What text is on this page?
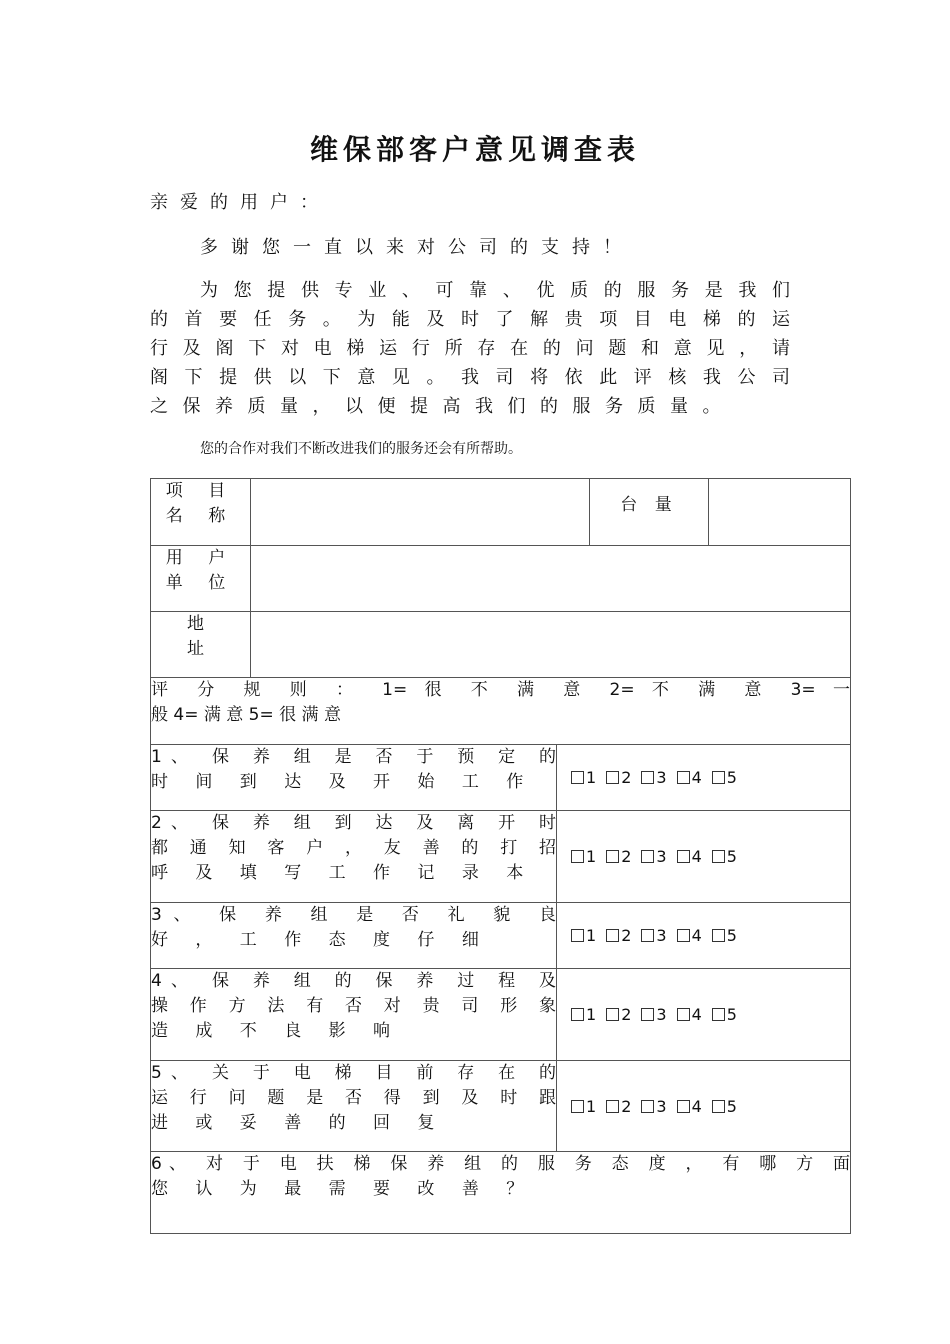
维保部客户意见调查表
亲爱的用户：
多谢您一直以来对公司的支持！
为您提供专业、可靠、优质的服务是我们
的首要任务。为能及时了解贵项目电梯的运
行及阁下对电梯运行所存在的问题和意见，请
阁下提供以下意见。我司将依此评核我公司
之保养质量，以便提高我们的服务质量。
您的合作对我们不断改进我们的服务还会有所帮助。
项 目
名 称			台 量	

用 户
单 位				

地
址				

评 分 规 则 ： 1= 很 不 满 意 2= 不 满 意 3= 一
般 4= 满 意 5= 很 满 意				

1、 保 养 组 是 否 于 预 定 的
时 间 到 达 及 开 始 工 作		1 2 3 4 5		

2、 保 养 组 到 达 及 离 开 时
都 通 知 客 户 ， 友 善 的 打 招
呼 及 填 写 工 作 记 录 本		1 2 3 4 5		

3、 保 养 组 是 否 礼 貌 良
好 ， 工 作 态 度 仔 细		1 2 3 4 5		

4、 保 养 组 的 保 养 过 程 及
操 作 方 法 有 否 对 贵 司 形 象
造 成 不 良 影 响		1 2 3 4 5		

5、 关 于 电 梯 目 前 存 在 的
运 行 问 题 是 否 得 到 及 时 跟
进 或 妥 善 的 回 复		1 2 3 4 5		

6、 对 于 电 扶 梯 保 养 组 的 服 务 态 度 ， 有 哪 方 面
您 认 为 最 需 要 改 善 ？				
